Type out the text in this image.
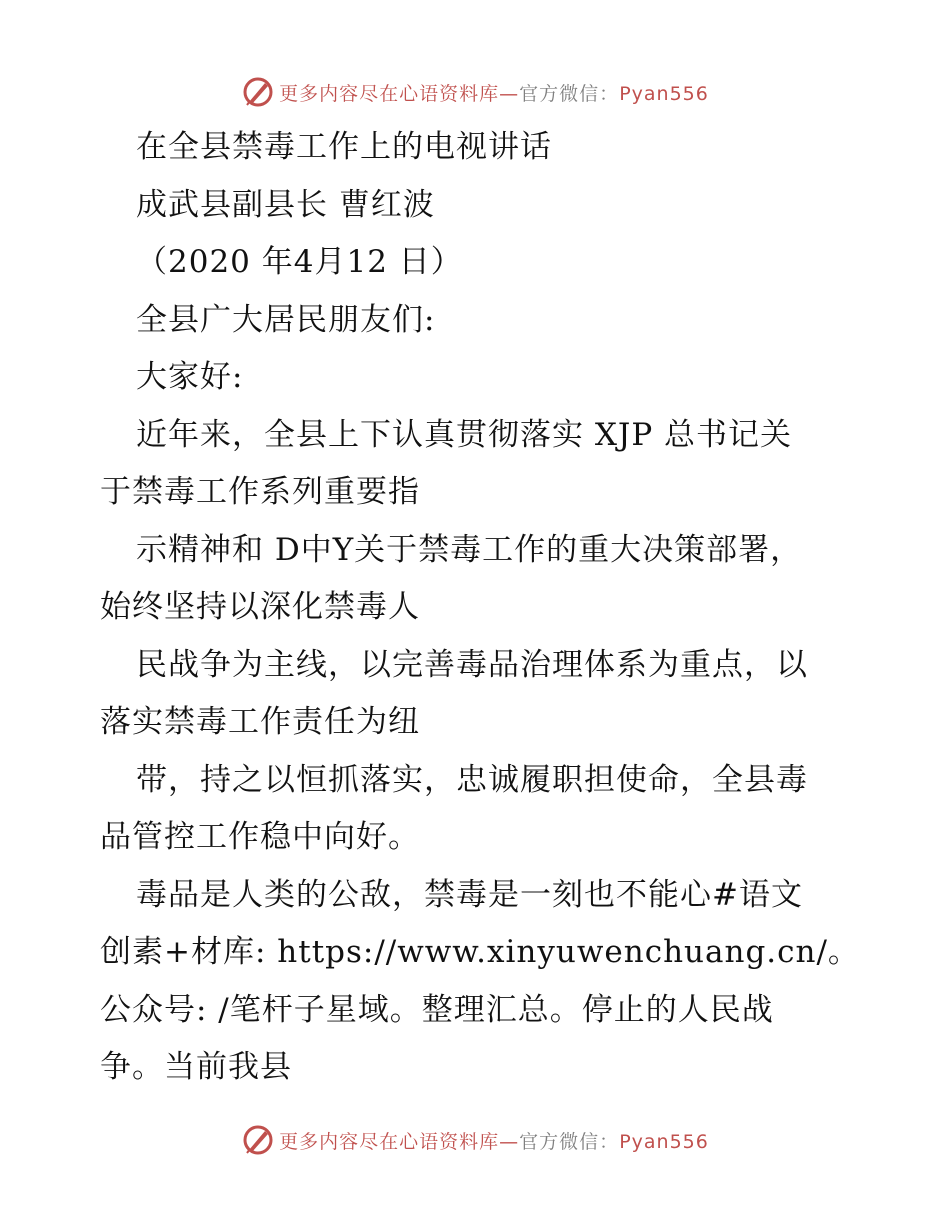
更多内容尽在心语资料库—官方微信：Pyan556
在全县禁毒工作上的电视讲话
成武县副县长 曹红波
（2020 年4月12 日）
全县广大居民朋友们:
大家好:
近年来，全县上下认真贯彻落实 XJP 总书记关
于禁毒工作系列重要指
示精神和 D中Y关于禁毒工作的重大决策部署，
始终坚持以深化禁毒人
民战争为主线，以完善毒品治理体系为重点，以
落实禁毒工作责任为纽
带，持之以恒抓落实，忠诚履职担使命，全县毒
品管控工作稳中向好。
毒品是人类的公敌，禁毒是一刻也不能心#语文
创素+材库: https://www.xinyuwenchuang.cn/。
公众号: /笔杆子星域。整理汇总。停止的人民战
争。当前我县
更多内容尽在心语资料库—官方微信：Pyan556
